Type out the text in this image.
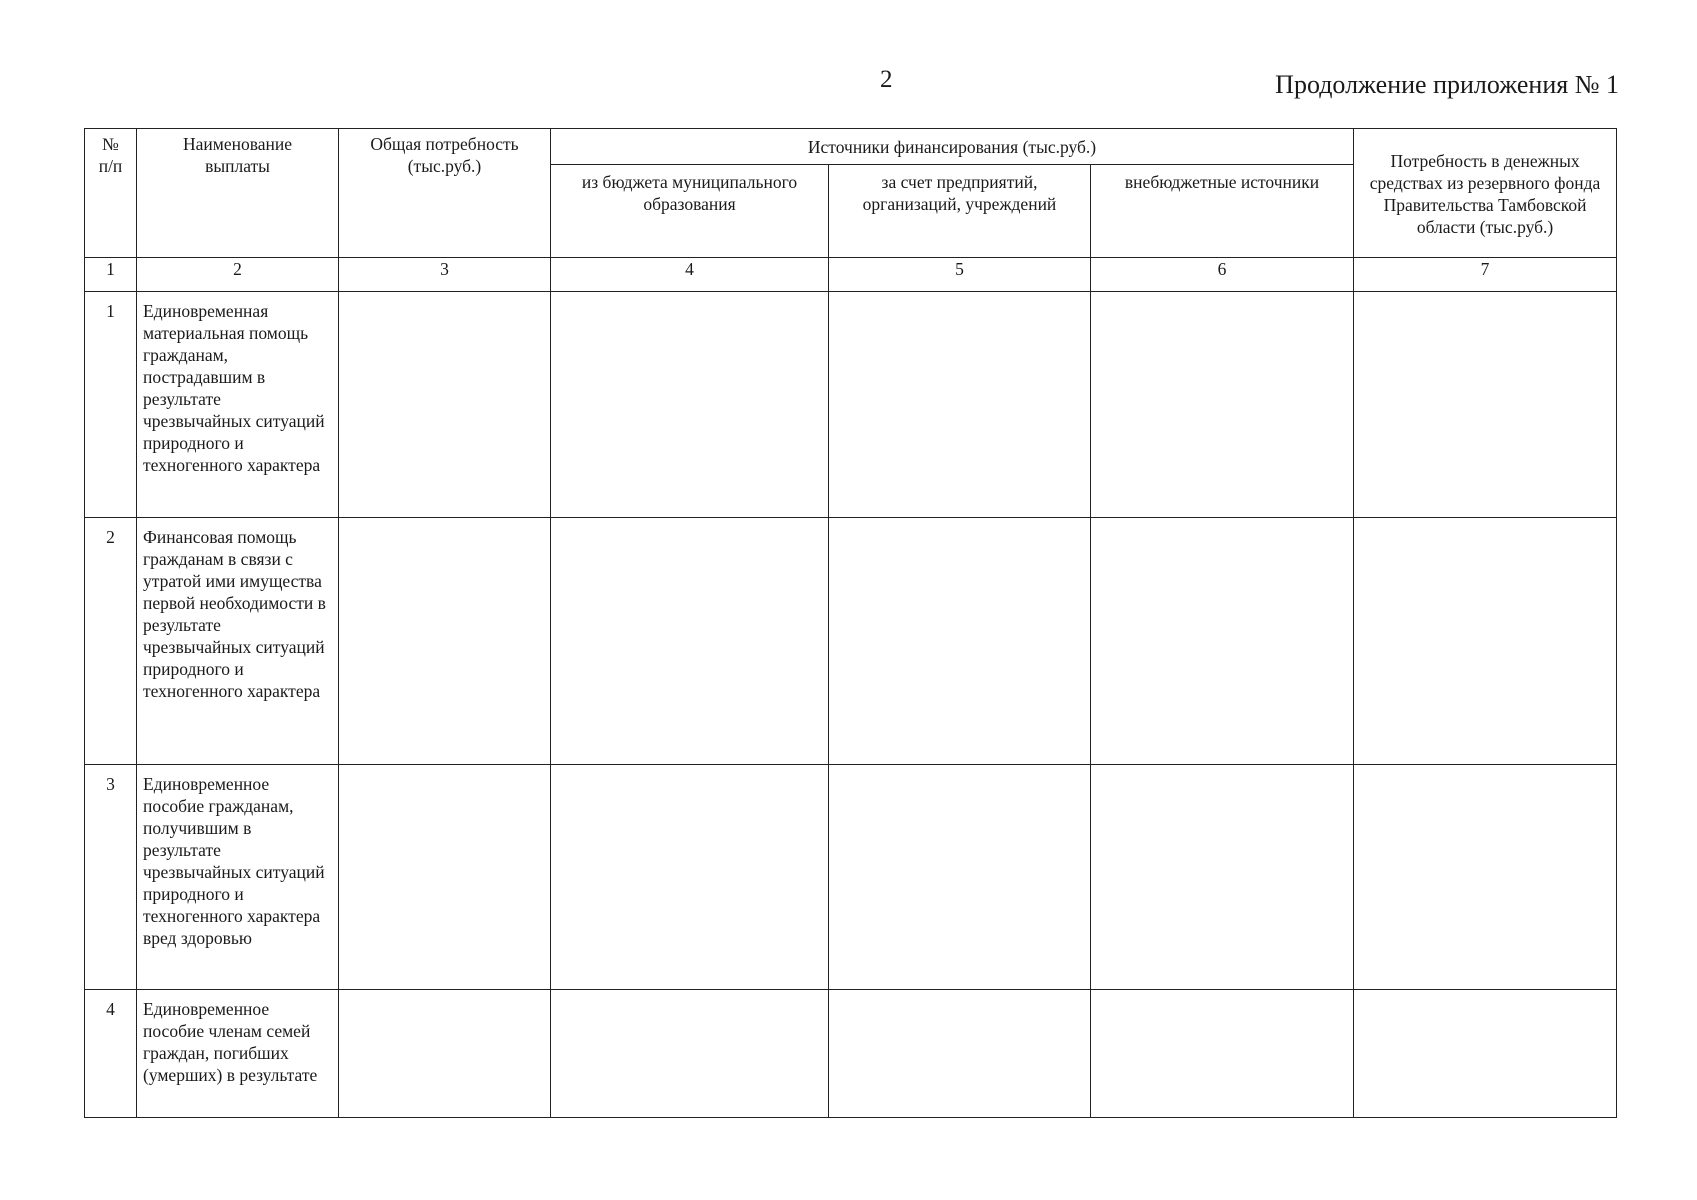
2	Продолжение приложения № 1
№ п/п	Наименование выплаты	Общая потребность (тыс.руб.)	Источники финансирования (тыс.руб.)			Потребность в денежных средствах из резервного фонда Правительства Тамбовской области (тыс.руб.)

			из бюджета муниципального образования	за счет предприятий, организаций, учреждений	внебюджетные источники	
1	2	3	4	5	6	7
1	Единовременная материальная помощь гражданам, пострадавшим в результате чрезвычайных ситуаций природного и техногенного характера					
2	Финансовая помощь гражданам в связи с утратой ими имущества первой необходимости в результате чрезвычайных ситуаций природного и техногенного характера					
3	Единовременное пособие гражданам, получившим в результате чрезвычайных ситуаций природного и техногенного характера вред здоровью					
4	Единовременное пособие членам семей граждан, погибших (умерших) в результате					
